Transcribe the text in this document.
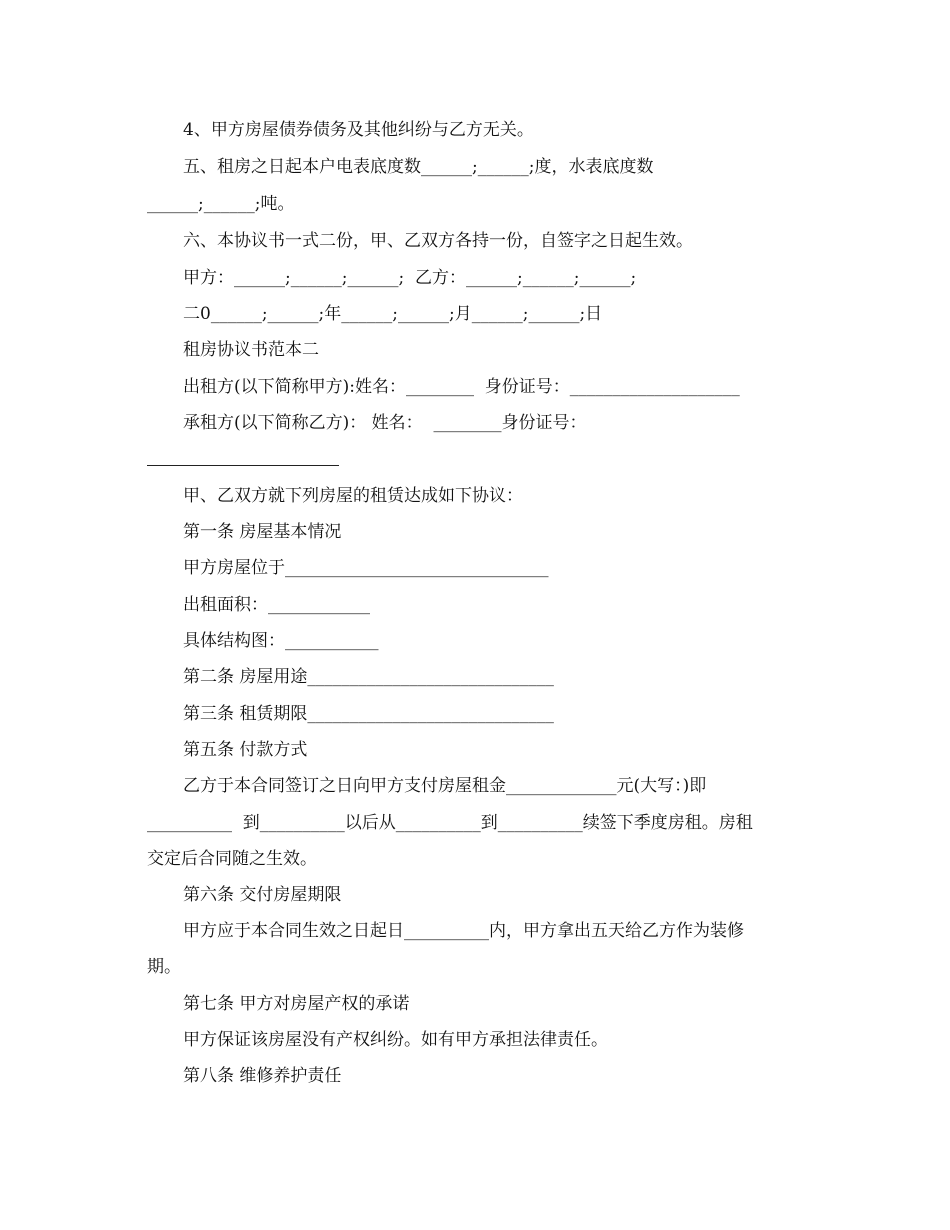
4、甲方房屋债券债务及其他纠纷与乙方无关。
五、租房之日起本户电表底度数______;______;度，水表底度数
______;______;吨。
六、本协议书一式二份，甲、乙双方各持一份，自签字之日起生效。
甲方：______;______;______;  乙方：______;______;______;
二0______;______;年______;______;月______;______;日
租房协议书范本二
出租方(以下简称甲方):姓名：________  身份证号：____________________
承租方(以下简称乙方)： 姓名：  ________身份证号：
甲、乙双方就下列房屋的租赁达成如下协议：
第一条 房屋基本情况
甲方房屋位于_______________________________
出租面积：____________
具体结构图：___________
第二条 房屋用途_____________________________
第三条 租赁期限_____________________________
第五条 付款方式
乙方于本合同签订之日向甲方支付房屋租金_____________元(大写：)即
__________  到__________以后从__________到__________续签下季度房租。房租
交定后合同随之生效。
第六条 交付房屋期限
甲方应于本合同生效之日起日__________内，甲方拿出五天给乙方作为装修
期。
第七条 甲方对房屋产权的承诺
甲方保证该房屋没有产权纠纷。如有甲方承担法律责任。
第八条 维修养护责任
